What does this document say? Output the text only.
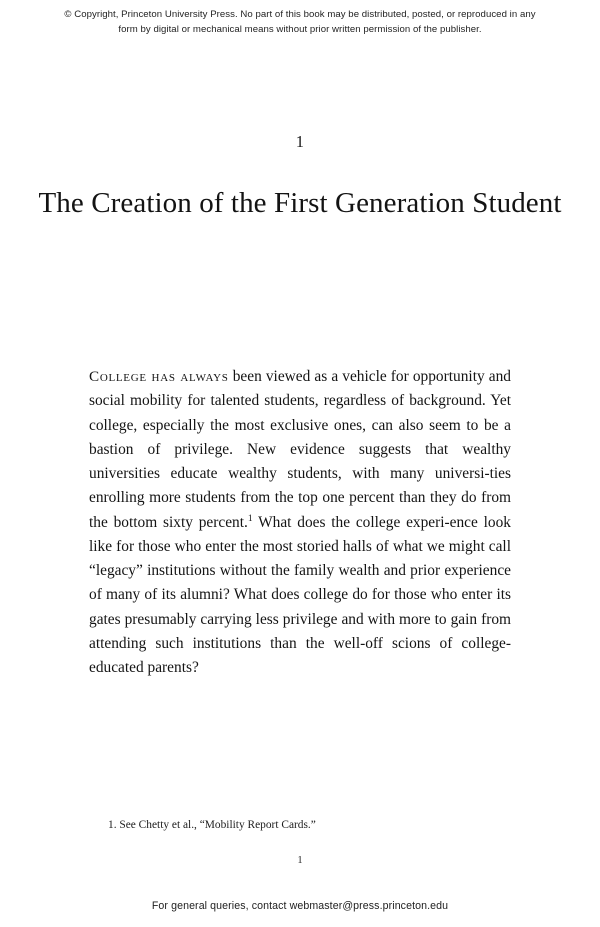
© Copyright, Princeton University Press. No part of this book may be distributed, posted, or reproduced in any form by digital or mechanical means without prior written permission of the publisher.
1
The Creation of the First Generation Student

College has always been viewed as a vehicle for opportunity and social mobility for talented students, regardless of background. Yet college, especially the most exclusive ones, can also seem to be a bastion of privilege. New evidence suggests that wealthy universities educate wealthy students, with many universi-ties enrolling more students from the top one percent than they do from the bottom sixty percent.$^1$ What does the college experi-ence look like for those who enter the most storied halls of what we might call “legacy” institutions without the family wealth and prior experience of many of its alumni? What does college do for those who enter its gates presumably carrying less privilege and with more to gain from attending such institutions than the well-off scions of college-educated parents?

1. See Chetty et al., “Mobility Report Cards.”
1
For general queries, contact webmaster@press.princeton.edu
